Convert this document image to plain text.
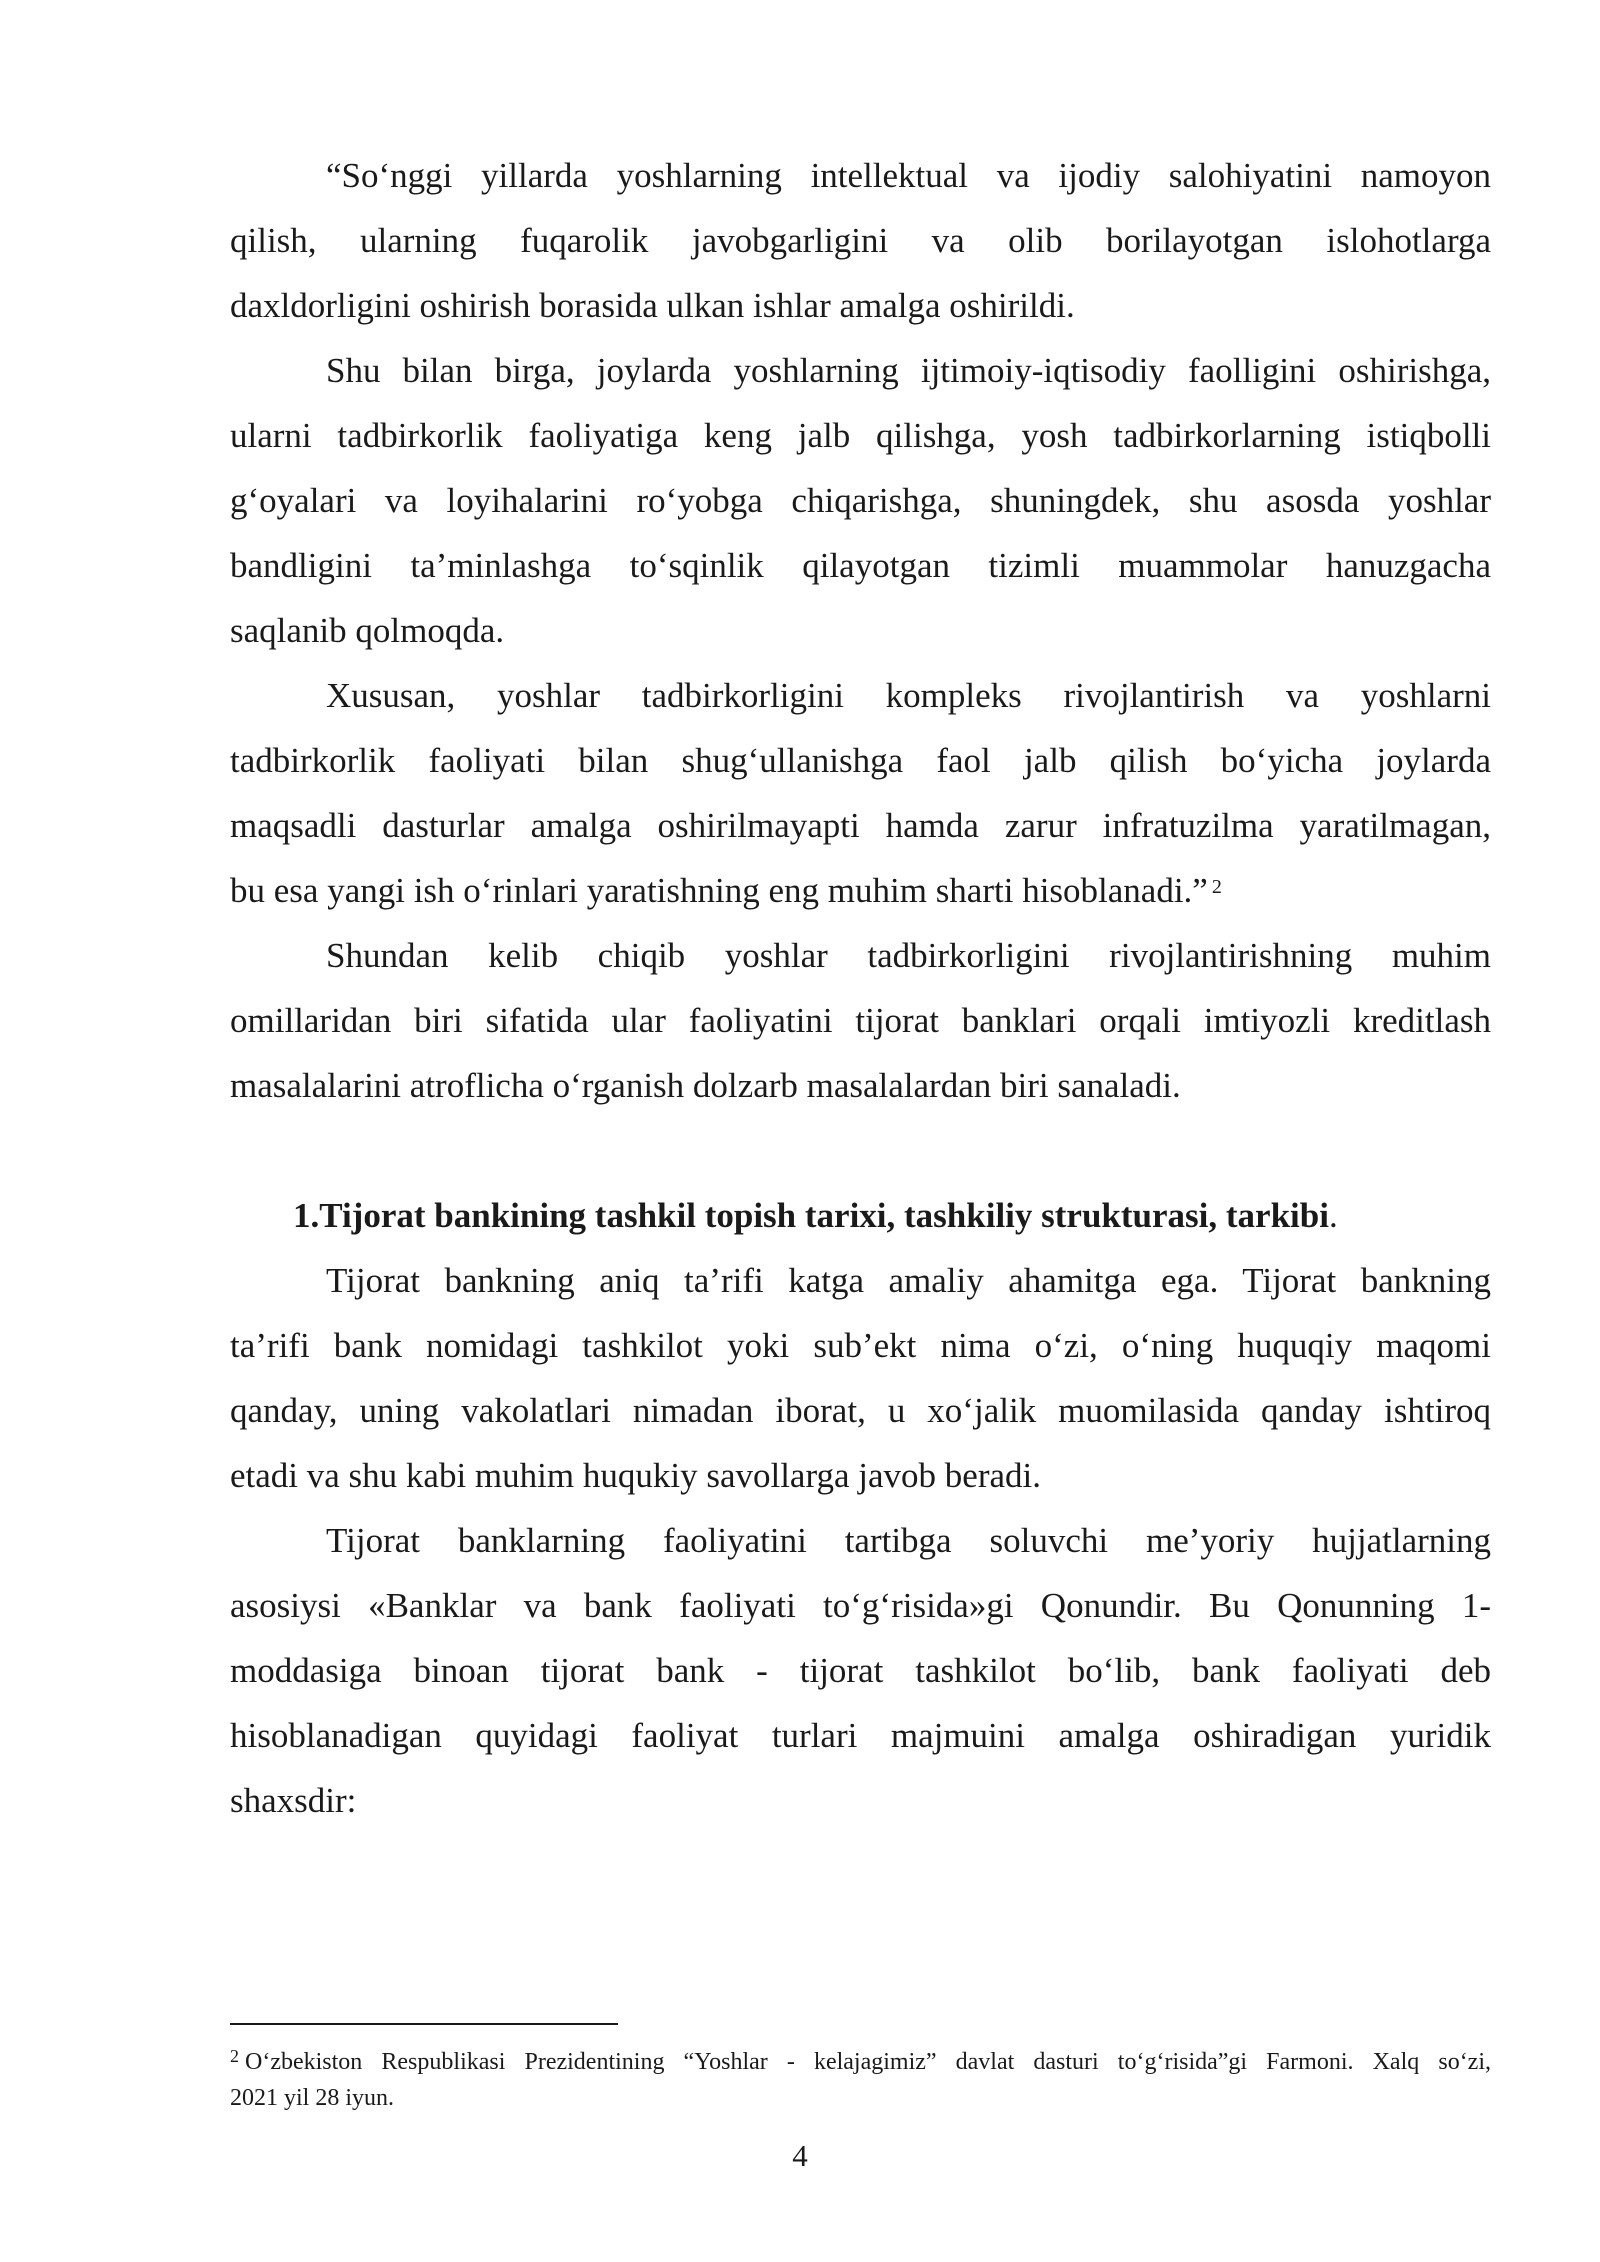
“So‘nggi yillarda yoshlarning intellektual va ijodiy salohiyatini namoyon
qilish, ularning fuqarolik javobgarligini va olib borilayotgan islohotlarga
daxldorligini oshirish borasida ulkan ishlar amalga oshirildi.
Shu bilan birga, joylarda yoshlarning ijtimoiy-iqtisodiy faolligini oshirishga,
ularni tadbirkorlik faoliyatiga keng jalb qilishga, yosh tadbirkorlarning istiqbolli
g‘oyalari va loyihalarini ro‘yobga chiqarishga, shuningdek, shu asosda yoshlar
bandligini ta’minlashga to‘sqinlik qilayotgan tizimli muammolar hanuzgacha
saqlanib qolmoqda.
Xususan, yoshlar tadbirkorligini kompleks rivojlantirish va yoshlarni
tadbirkorlik faoliyati bilan shug‘ullanishga faol jalb qilish bo‘yicha joylarda
maqsadli dasturlar amalga oshirilmayapti hamda zarur infratuzilma yaratilmagan,
bu esa yangi ish o‘rinlari yaratishning eng muhim sharti hisoblanadi.” $^2$
Shundan kelib chiqib yoshlar tadbirkorligini rivojlantirishning muhim
omillaridan biri sifatida ular faoliyatini tijorat banklari orqali imtiyozli kreditlash
masalalarini atroflicha o‘rganish dolzarb masalalardan biri sanaladi.
1.Tijorat bankining tashkil topish tarixi, tashkiliy strukturasi, tarkibi.
Tijorat bankning aniq ta’rifi katga amaliy ahamitga ega. Tijorat bankning
ta’rifi bank nomidagi tashkilot yoki sub’ekt nima o‘zi, o‘ning huquqiy maqomi
qanday, uning vakolatlari nimadan iborat, u xo‘jalik muomilasida qanday ishtiroq
etadi va shu kabi muhim huqukiy savollarga javob beradi.
Tijorat banklarning faoliyatini tartibga soluvchi me’yoriy hujjatlarning
asosiysi «Banklar va bank faoliyati to‘g‘risida»gi Qonundir. Bu Qonunning 1-
moddasiga binoan tijorat bank - tijorat tashkilot bo‘lib, bank faoliyati deb
hisoblanadigan quyidagi faoliyat turlari majmuini amalga oshiradigan yuridik
shaxsdir:
$^2$ O‘zbekiston Respublikasi Prezidentining “Yoshlar - kelajagimiz” davlat dasturi to‘g‘risida”gi Farmoni. Xalq so‘zi,
2021 yil 28 iyun.
4
